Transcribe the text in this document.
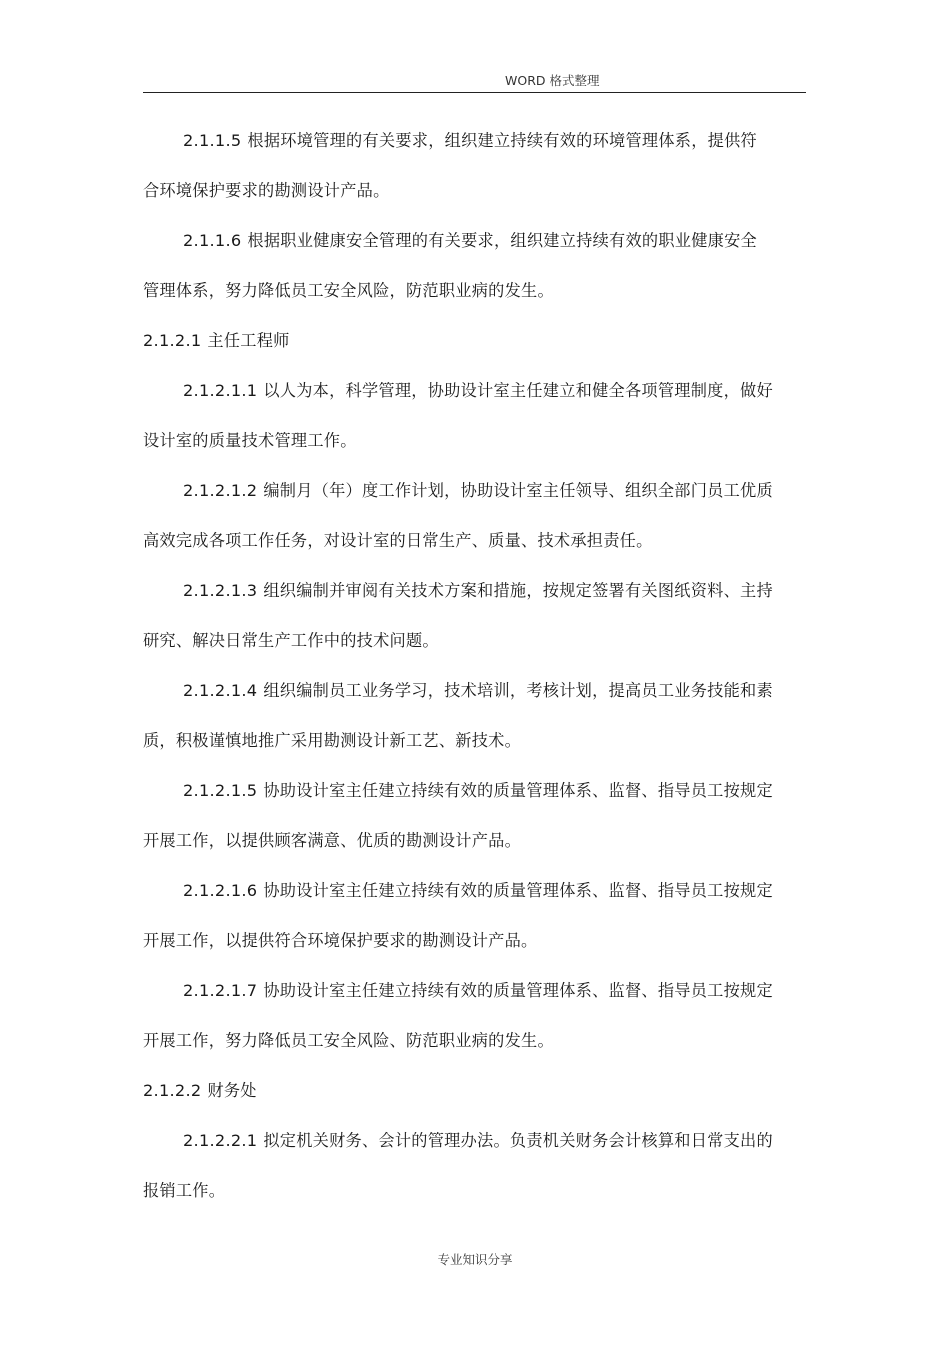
WORD 格式整理

2.1.1.5 根据环境管理的有关要求，组织建立持续有效的环境管理体系，提供符合环境保护要求的勘测设计产品。

2.1.1.6 根据职业健康安全管理的有关要求，组织建立持续有效的职业健康安全管理体系，努力降低员工安全风险，防范职业病的发生。

2.1.2.1 主任工程师

2.1.2.1.1 以人为本，科学管理，协助设计室主任建立和健全各项管理制度，做好设计室的质量技术管理工作。

2.1.2.1.2 编制月（年）度工作计划，协助设计室主任领导、组织全部门员工优质高效完成各项工作任务，对设计室的日常生产、质量、技术承担责任。

2.1.2.1.3 组织编制并审阅有关技术方案和措施，按规定签署有关图纸资料、主持研究、解决日常生产工作中的技术问题。

2.1.2.1.4 组织编制员工业务学习，技术培训，考核计划，提高员工业务技能和素质，积极谨慎地推广采用勘测设计新工艺、新技术。

2.1.2.1.5 协助设计室主任建立持续有效的质量管理体系、监督、指导员工按规定开展工作，以提供顾客满意、优质的勘测设计产品。

2.1.2.1.6 协助设计室主任建立持续有效的质量管理体系、监督、指导员工按规定开展工作，以提供符合环境保护要求的勘测设计产品。

2.1.2.1.7 协助设计室主任建立持续有效的质量管理体系、监督、指导员工按规定开展工作，努力降低员工安全风险、防范职业病的发生。

2.1.2.2 财务处

2.1.2.2.1 拟定机关财务、会计的管理办法。负责机关财务会计核算和日常支出的报销工作。

专业知识分享
